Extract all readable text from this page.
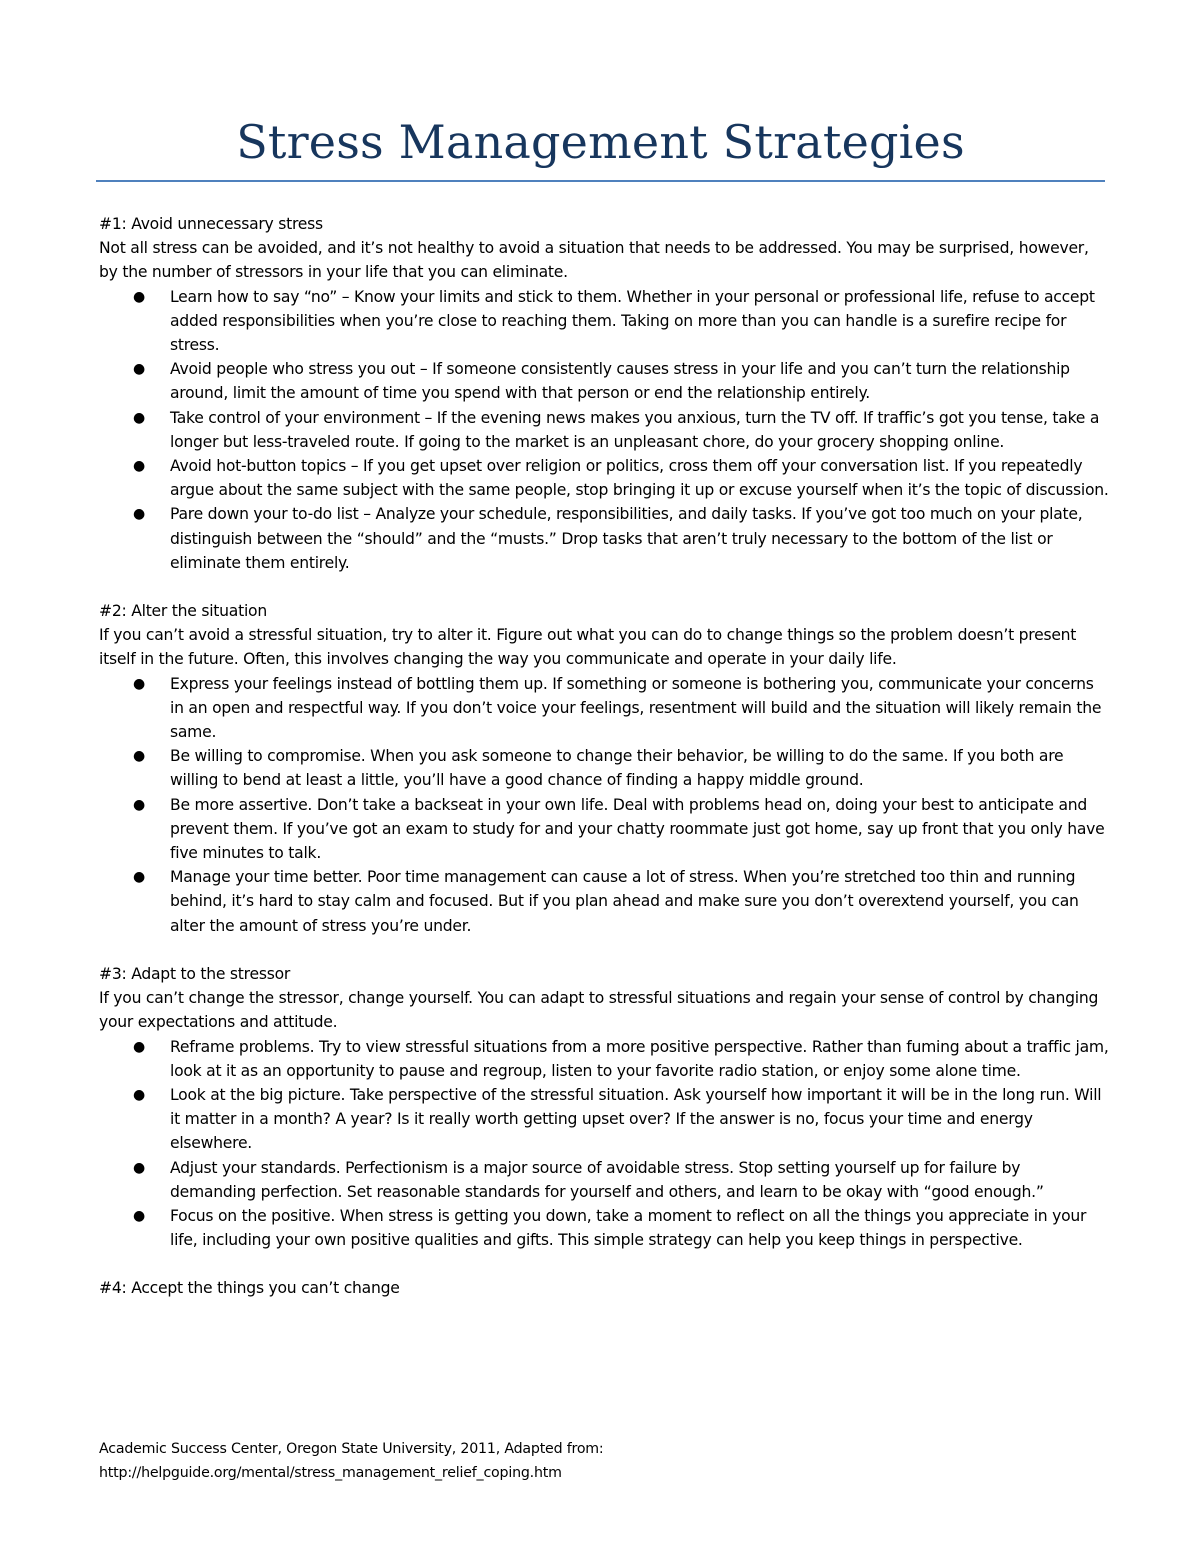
Stress Management Strategies
#1: Avoid unnecessary stress
Not all stress can be avoided, and it’s not healthy to avoid a situation that needs to be addressed. You may be surprised, however, by the number of stressors in your life that you can eliminate.
● Learn how to say “no” – Know your limits and stick to them. Whether in your personal or professional life, refuse to accept added responsibilities when you’re close to reaching them. Taking on more than you can handle is a surefire recipe for stress.
● Avoid people who stress you out – If someone consistently causes stress in your life and you can’t turn the relationship around, limit the amount of time you spend with that person or end the relationship entirely.
● Take control of your environment – If the evening news makes you anxious, turn the TV off. If traffic’s got you tense, take a longer but less-traveled route. If going to the market is an unpleasant chore, do your grocery shopping online.
● Avoid hot-button topics – If you get upset over religion or politics, cross them off your conversation list. If you repeatedly argue about the same subject with the same people, stop bringing it up or excuse yourself when it’s the topic of discussion.
● Pare down your to-do list – Analyze your schedule, responsibilities, and daily tasks. If you’ve got too much on your plate, distinguish between the “should” and the “musts.” Drop tasks that aren’t truly necessary to the bottom of the list or eliminate them entirely.
#2: Alter the situation
If you can’t avoid a stressful situation, try to alter it. Figure out what you can do to change things so the problem doesn’t present itself in the future. Often, this involves changing the way you communicate and operate in your daily life.
● Express your feelings instead of bottling them up. If something or someone is bothering you, communicate your concerns in an open and respectful way. If you don’t voice your feelings, resentment will build and the situation will likely remain the same.
● Be willing to compromise. When you ask someone to change their behavior, be willing to do the same. If you both are willing to bend at least a little, you’ll have a good chance of finding a happy middle ground.
● Be more assertive. Don’t take a backseat in your own life. Deal with problems head on, doing your best to anticipate and prevent them. If you’ve got an exam to study for and your chatty roommate just got home, say up front that you only have five minutes to talk.
● Manage your time better. Poor time management can cause a lot of stress. When you’re stretched too thin and running behind, it’s hard to stay calm and focused. But if you plan ahead and make sure you don’t overextend yourself, you can alter the amount of stress you’re under.
#3: Adapt to the stressor
If you can’t change the stressor, change yourself. You can adapt to stressful situations and regain your sense of control by changing your expectations and attitude.
● Reframe problems. Try to view stressful situations from a more positive perspective. Rather than fuming about a traffic jam, look at it as an opportunity to pause and regroup, listen to your favorite radio station, or enjoy some alone time.
● Look at the big picture. Take perspective of the stressful situation. Ask yourself how important it will be in the long run. Will it matter in a month? A year? Is it really worth getting upset over? If the answer is no, focus your time and energy elsewhere.
● Adjust your standards. Perfectionism is a major source of avoidable stress. Stop setting yourself up for failure by demanding perfection. Set reasonable standards for yourself and others, and learn to be okay with “good enough.”
● Focus on the positive. When stress is getting you down, take a moment to reflect on all the things you appreciate in your life, including your own positive qualities and gifts. This simple strategy can help you keep things in perspective.
#4: Accept the things you can’t change
Academic Success Center, Oregon State University, 2011, Adapted from:
http://helpguide.org/mental/stress_management_relief_coping.htm
